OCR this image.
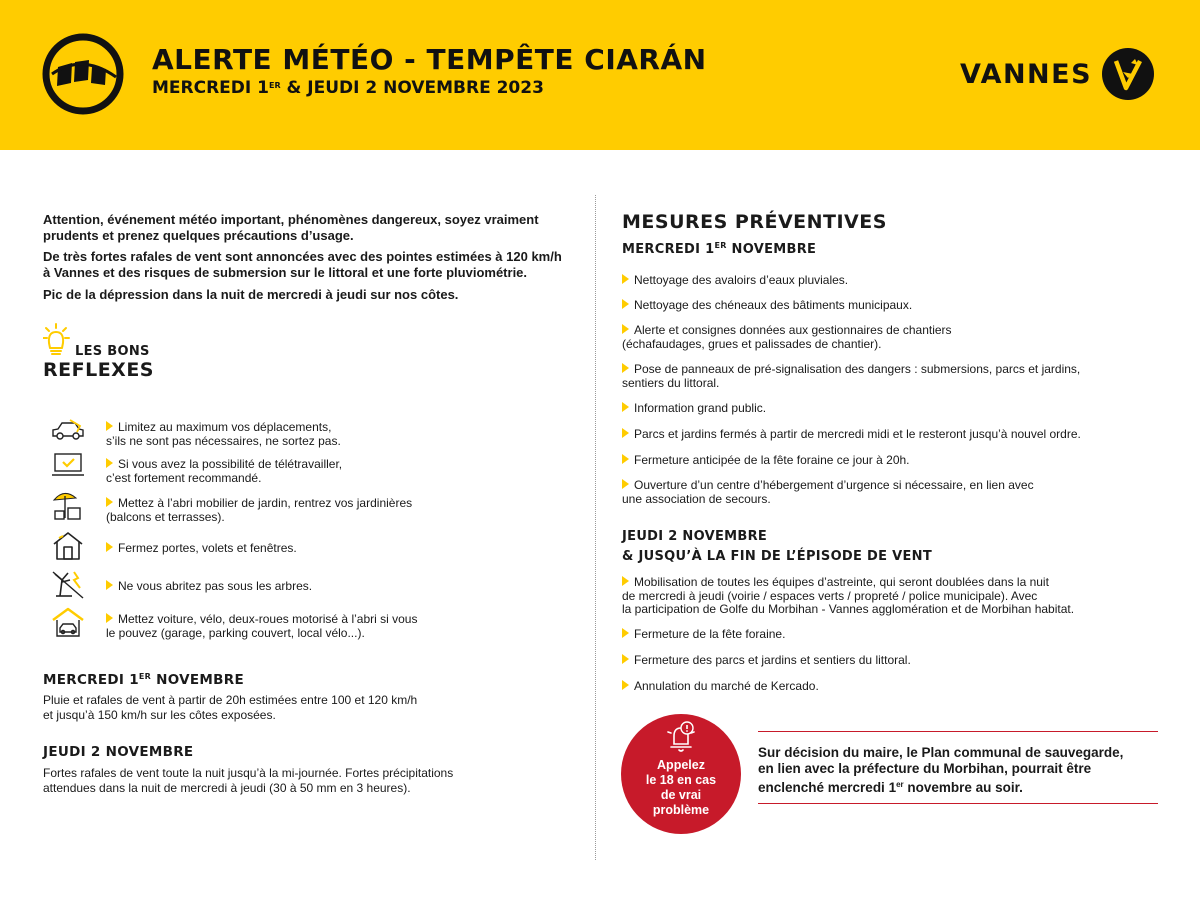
ALERTE MÉTÉO - TEMPÊTE CIARÁN
MERCREDI 1ER & JEUDI 2 NOVEMBRE 2023	VANNES

Attention, événement météo important, phénomènes dangereux, soyez vraiment prudents et prenez quelques précautions d’usage.

De très fortes rafales de vent sont annoncées avec des pointes estimées à 120 km/h à Vannes et des risques de submersion sur le littoral et une forte pluviométrie.

Pic de la dépression dans la nuit de mercredi à jeudi sur nos côtes.

LES BONS
REFLEXES
Limitez au maximum vos déplacements,
s’ils ne sont pas nécessaires, ne sortez pas.
Si vous avez la possibilité de télétravailler,
c’est fortement recommandé.
Mettez à l’abri mobilier de jardin, rentrez vos jardinières
(balcons et terrasses).
Fermez portes, volets et fenêtres.
Ne vous abritez pas sous les arbres.
Mettez voiture, vélo, deux-roues motorisé à l’abri si vous
le pouvez (garage, parking couvert, local vélo...).
MERCREDI 1ER NOVEMBRE
Pluie et rafales de vent à partir de 20h estimées entre 100 et 120 km/h
et jusqu’à 150 km/h sur les côtes exposées.
JEUDI 2 NOVEMBRE
Fortes rafales de vent toute la nuit jusqu’à la mi-journée. Fortes précipitations
attendues dans la nuit de mercredi à jeudi (30 à 50 mm en 3 heures).
MESURES PRÉVENTIVES
MERCREDI 1ER NOVEMBRE
Nettoyage des avaloirs d’eaux pluviales.
Nettoyage des chéneaux des bâtiments municipaux.
Alerte et consignes données aux gestionnaires de chantiers
(échafaudages, grues et palissades de chantier).
Pose de panneaux de pré-signalisation des dangers : submersions, parcs et jardins,
sentiers du littoral.
Information grand public.
Parcs et jardins fermés à partir de mercredi midi et le resteront jusqu’à nouvel ordre.
Fermeture anticipée de la fête foraine ce jour à 20h.
Ouverture d’un centre d’hébergement d’urgence si nécessaire, en lien avec
une association de secours.
JEUDI 2 NOVEMBRE
& JUSQU’À LA FIN DE L’ÉPISODE DE VENT
Mobilisation de toutes les équipes d’astreinte, qui seront doublées dans la nuit
de mercredi à jeudi (voirie / espaces verts / propreté / police municipale). Avec
la participation de Golfe du Morbihan - Vannes agglomération et de Morbihan habitat.
Fermeture de la fête foraine.
Fermeture des parcs et jardins et sentiers du littoral.
Annulation du marché de Kercado.
Appelez
le 18 en cas
de vrai
problème
Sur décision du maire, le Plan communal de sauvegarde,
en lien avec la préfecture du Morbihan, pourrait être
enclenché mercredi 1er novembre au soir.
